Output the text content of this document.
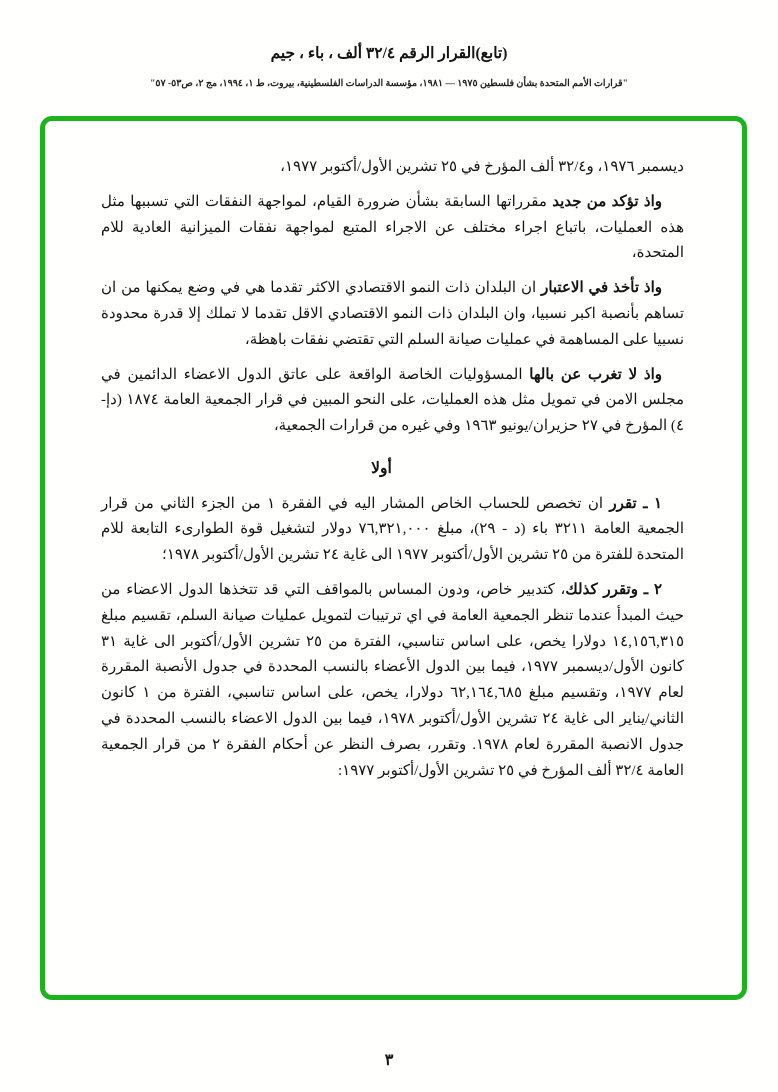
(تابع)القرار الرقم ٣٢/٤ ألف ، باء ، جيم
"قرارات الأمم المتحدة بشأن فلسطين ١٩٧٥ — ١٩٨١، مؤسسة الدراسات الفلسطينية، بيروت، ط ١، ١٩٩٤، مج ٢، ص٥٣- ٥٧"

ديسمبر ١٩٧٦، و٣٢/٤ ألف المؤرخ في ٢٥ تشرين الأول/أكتوبر ١٩٧٧،

واذ تؤكد من جديد مقرراتها السابقة بشأن ضرورة القيام، لمواجهة النفقات التي تسببها مثل هذه العمليات، باتباع اجراء مختلف عن الاجراء المتبع لمواجهة نفقات الميزانية العادية للام المتحدة،

واذ تأخذ في الاعتبار ان البلدان ذات النمو الاقتصادي الاكثر تقدما هي في وضع يمكنها من ان تساهم بأنصبة اكبر نسبيا، وان البلدان ذات النمو الاقتصادي الاقل تقدما لا تملك إلا قدرة محدودة نسبيا على المساهمة في عمليات صيانة السلم التي تقتضي نفقات باهظة،

واذ لا تغرب عن بالها المسؤوليات الخاصة الواقعة على عاتق الدول الاعضاء الدائمين في مجلس الامن في تمويل مثل هذه العمليات، على النحو المبين في قرار الجمعية العامة ١٨٧٤ (دإ- ٤) المؤرخ في ٢٧ حزيران/يونيو ١٩٦٣ وفي غيره من قرارات الجمعية،

أولا

١ ـ تقرر ان تخصص للحساب الخاص المشار اليه في الفقرة ١ من الجزء الثاني من قرار الجمعية العامة ٣٢١١ باء (د - ٢٩)، مبلغ ٧٦,٣٢١,٠٠٠ دولار لتشغيل قوة الطوارىء التابعة للام المتحدة للفترة من ٢٥ تشرين الأول/أكتوبر ١٩٧٧ الى غاية ٢٤ تشرين الأول/أكتوبر ١٩٧٨؛

٢ ـ وتقرر كذلك، كتدبير خاص، ودون المساس بالمواقف التي قد تتخذها الدول الاعضاء من حيث المبدأ عندما تنظر الجمعية العامة في اي ترتيبات لتمويل عمليات صيانة السلم، تقسيم مبلغ ١٤,١٥٦,٣١٥ دولارا يخص، على اساس تناسبي، الفترة من ٢٥ تشرين الأول/أكتوبر الى غاية ٣١ كانون الأول/ديسمبر ١٩٧٧، فيما بين الدول الأعضاء بالنسب المحددة في جدول الأنصبة المقررة لعام ١٩٧٧، وتقسيم مبلغ ٦٢,١٦٤,٦٨٥ دولارا، يخص، على اساس تناسبي، الفترة من ١ كانون الثاني/يناير الى غاية ٢٤ تشرين الأول/أكتوبر ١٩٧٨، فيما بين الدول الاعضاء بالنسب المحددة في جدول الانصبة المقررة لعام ١٩٧٨. وتقرر، بصرف النظر عن أحكام الفقرة ٢ من قرار الجمعية العامة ٣٢/٤ ألف المؤرخ في ٢٥ تشرين الأول/أكتوبر ١٩٧٧:

٣
